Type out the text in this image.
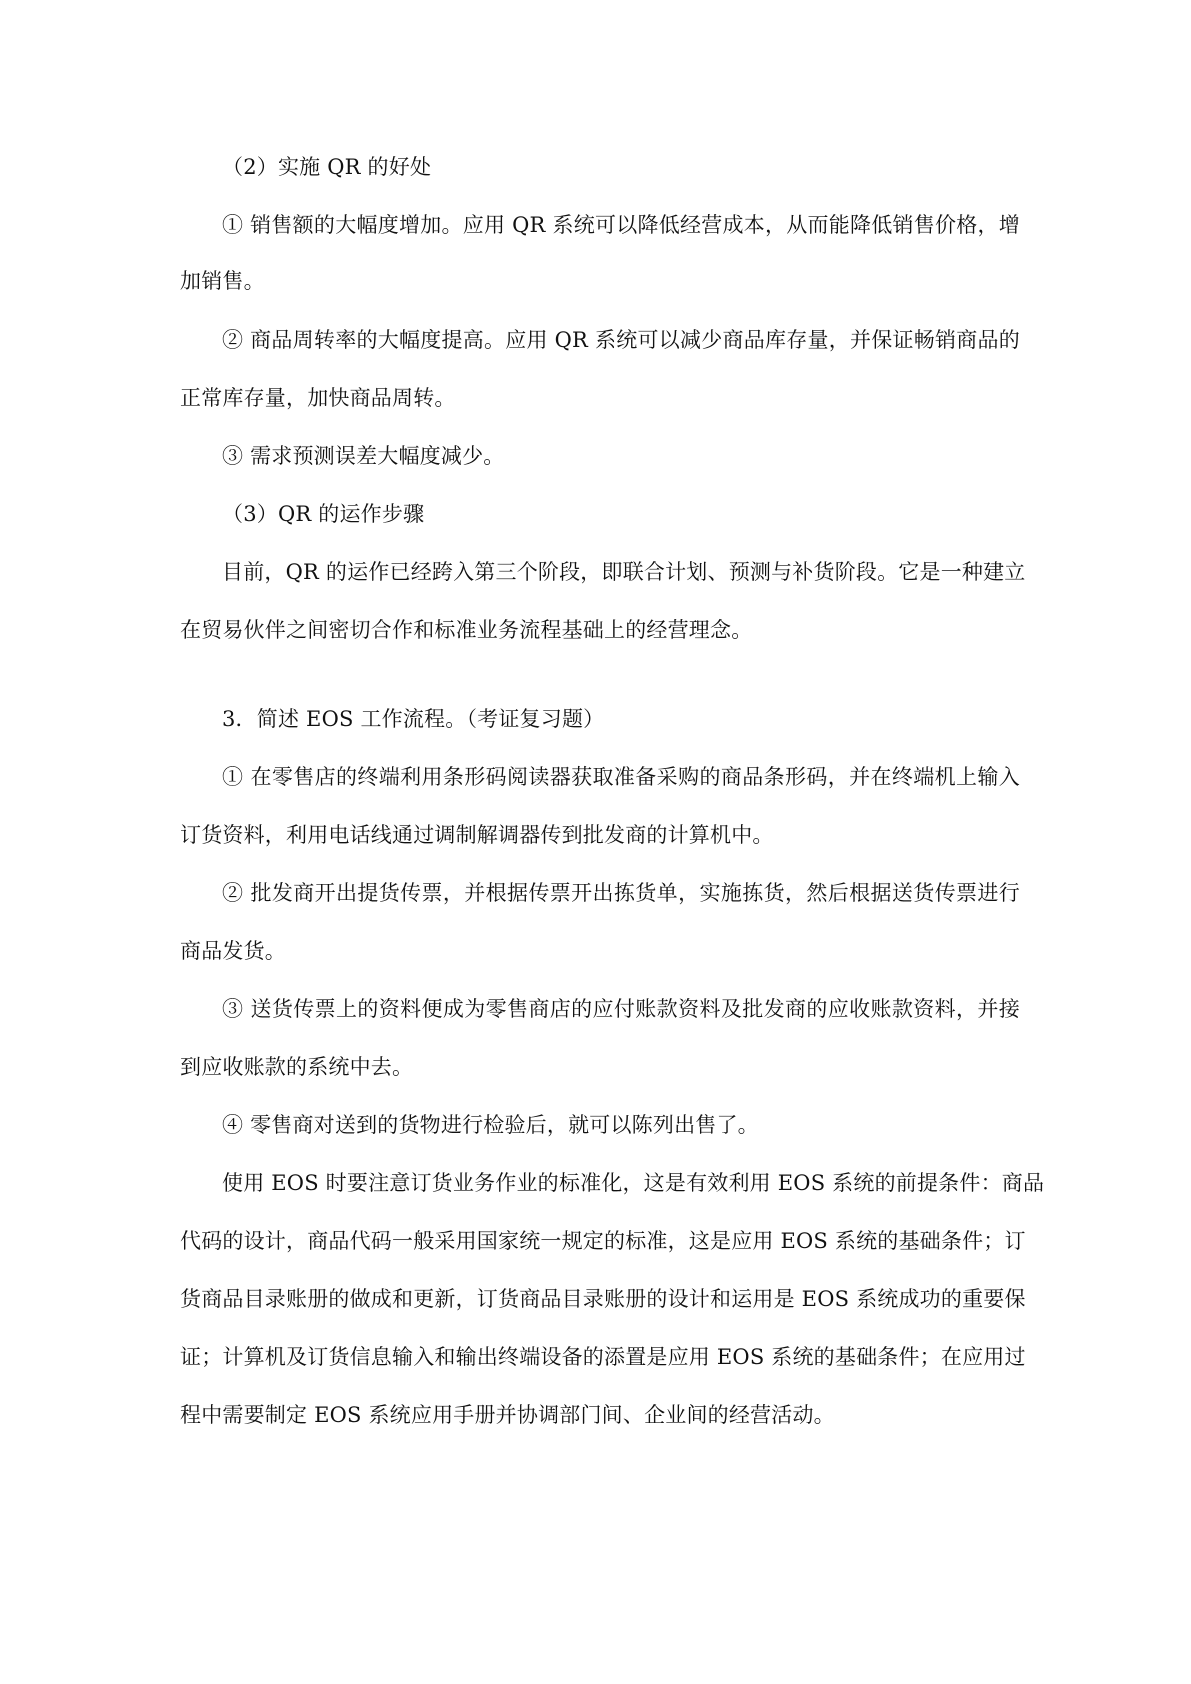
（2）实施 QR 的好处
① 销售额的大幅度增加。应用 QR 系统可以降低经营成本，从而能降低销售价格，增
加销售。
② 商品周转率的大幅度提高。应用 QR 系统可以减少商品库存量，并保证畅销商品的
正常库存量，加快商品周转。
③ 需求预测误差大幅度减少。
（3）QR 的运作步骤
目前，QR 的运作已经跨入第三个阶段，即联合计划、预测与补货阶段。它是一种建立
在贸易伙伴之间密切合作和标准业务流程基础上的经营理念。
3．简述 EOS 工作流程。（考证复习题）
① 在零售店的终端利用条形码阅读器获取准备采购的商品条形码，并在终端机上输入
订货资料，利用电话线通过调制解调器传到批发商的计算机中。
② 批发商开出提货传票，并根据传票开出拣货单，实施拣货，然后根据送货传票进行
商品发货。
③ 送货传票上的资料便成为零售商店的应付账款资料及批发商的应收账款资料，并接
到应收账款的系统中去。
④ 零售商对送到的货物进行检验后，就可以陈列出售了。
使用 EOS 时要注意订货业务作业的标准化，这是有效利用 EOS 系统的前提条件：商品
代码的设计，商品代码一般采用国家统一规定的标准，这是应用 EOS 系统的基础条件；订
货商品目录账册的做成和更新，订货商品目录账册的设计和运用是 EOS 系统成功的重要保
证；计算机及订货信息输入和输出终端设备的添置是应用 EOS 系统的基础条件；在应用过
程中需要制定 EOS 系统应用手册并协调部门间、企业间的经营活动。
